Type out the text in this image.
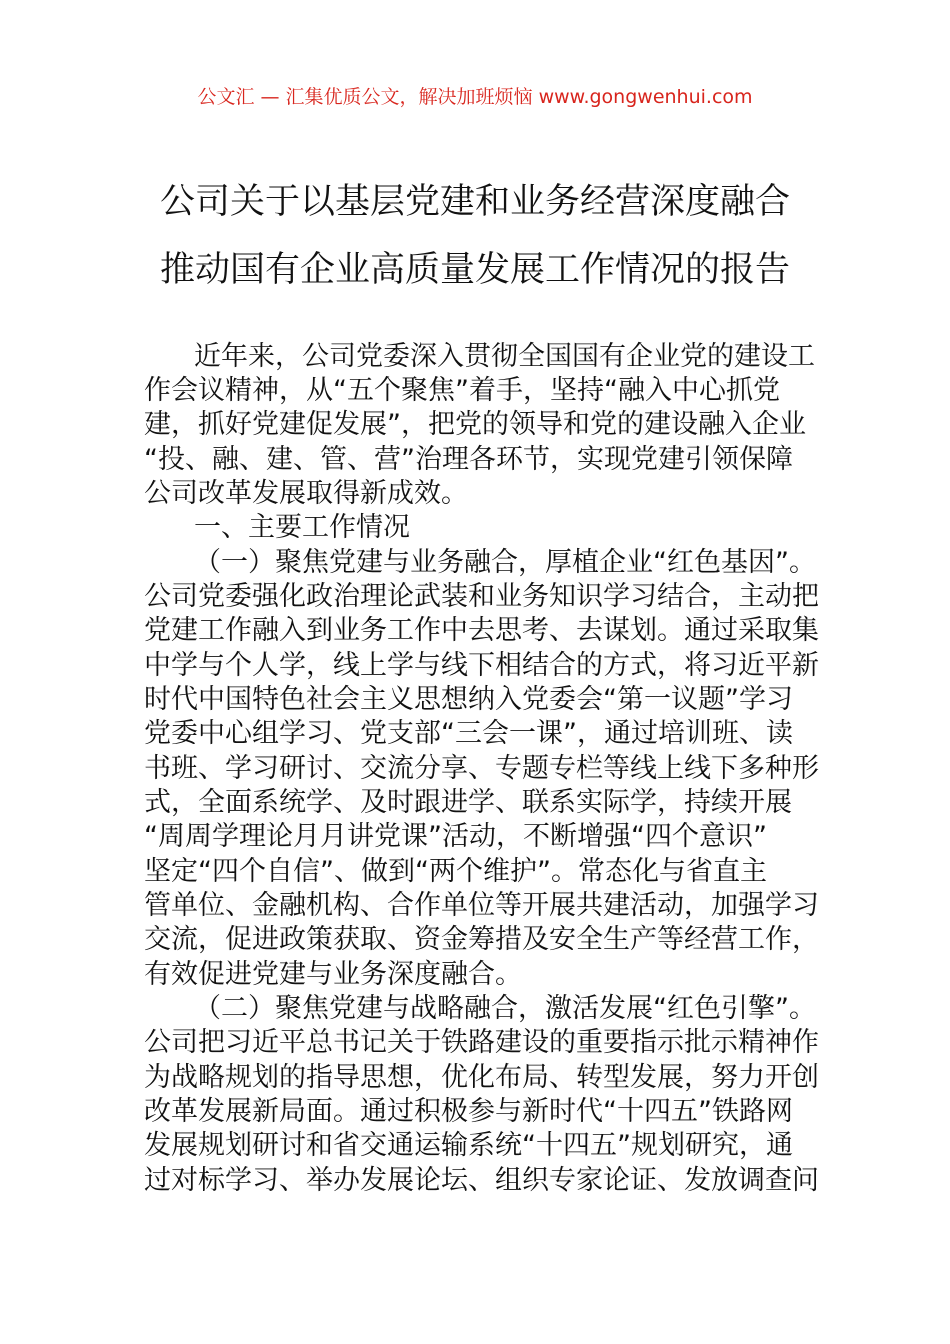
公文汇 — 汇集优质公文，解决加班烦恼 www.gongwenhui.com
公司关于以基层党建和业务经营深度融合
推动国有企业高质量发展工作情况的报告
近年来，公司党委深入贯彻全国国有企业党的建设工
作会议精神，从“五个聚焦”着手，坚持“融入中心抓党
建，抓好党建促发展”，把党的领导和党的建设融入企业
“投、融、建、管、营”治理各环节，实现党建引领保障
公司改革发展取得新成效。
一、主要工作情况
（一）聚焦党建与业务融合，厚植企业“红色基因”。
公司党委强化政治理论武装和业务知识学习结合，主动把
党建工作融入到业务工作中去思考、去谋划。通过采取集
中学与个人学，线上学与线下相结合的方式，将习近平新
时代中国特色社会主义思想纳入党委会“第一议题”学习
党委中心组学习、党支部“三会一课”，通过培训班、读
书班、学习研讨、交流分享、专题专栏等线上线下多种形
式，全面系统学、及时跟进学、联系实际学，持续开展
“周周学理论月月讲党课”活动，不断增强“四个意识”
坚定“四个自信”、做到“两个维护”。常态化与省直主
管单位、金融机构、合作单位等开展共建活动，加强学习
交流，促进政策获取、资金筹措及安全生产等经营工作，
有效促进党建与业务深度融合。
（二）聚焦党建与战略融合，激活发展“红色引擎”。
公司把习近平总书记关于铁路建设的重要指示批示精神作
为战略规划的指导思想，优化布局、转型发展，努力开创
改革发展新局面。通过积极参与新时代“十四五”铁路网
发展规划研讨和省交通运输系统“十四五”规划研究，通
过对标学习、举办发展论坛、组织专家论证、发放调查问
